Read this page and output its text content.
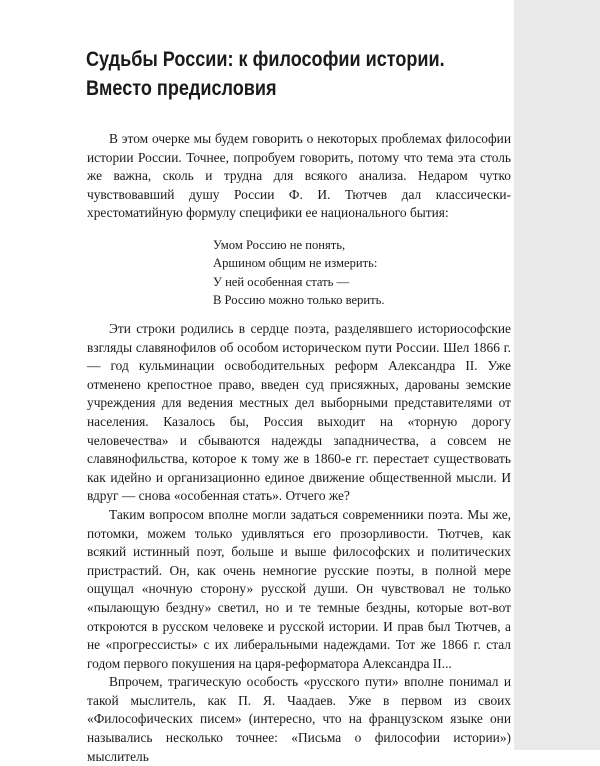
Судьбы России: к философии истории.
Вместо предисловия

В этом очерке мы будем говорить о некоторых проблемах философии истории России. Точнее, попробуем говорить, потому что тема эта столь же важна, сколь и трудна для всякого анализа. Недаром чутко чувствовавший душу России Ф. И. Тютчев дал классически-хрестоматийную формулу специфики ее национального бытия:

Умом Россию не понять,
Аршином общим не измерить:
У ней особенная стать —
В Россию можно только верить.

Эти строки родились в сердце поэта, разделявшего историософские взгляды славянофилов об особом историческом пути России. Шел 1866 г. — год кульминации освободительных реформ Александра II. Уже отменено крепостное право, введен суд присяжных, дарованы земские учреждения для ведения местных дел выборными представителями от населения. Казалось бы, Россия выходит на «торную дорогу человечества» и сбываются надежды западничества, а совсем не славянофильства, которое к тому же в 1860-е гг. перестает существовать как идейно и организационно единое движение общественной мысли. И вдруг — снова «особенная стать». Отчего же?

Таким вопросом вполне могли задаться современники поэта. Мы же, потомки, можем только удивляться его прозорливости. Тютчев, как всякий истинный поэт, больше и выше философских и политических пристрастий. Он, как очень немногие русские поэты, в полной мере ощущал «ночную сторону» русской души. Он чувствовал не только «пылающую бездну» светил, но и те темные бездны, которые вот-вот откроются в русском человеке и русской истории. И прав был Тютчев, а не «прогрессисты» с их либеральными надеждами. Тот же 1866 г. стал годом первого покушения на царя-реформатора Александра II...

Впрочем, трагическую особость «русского пути» вполне понимал и такой мыслитель, как П. Я. Чаадаев. Уже в первом из своих «Философических писем» (интересно, что на французском языке они назывались несколько точнее: «Письма о философии истории») мыслитель
